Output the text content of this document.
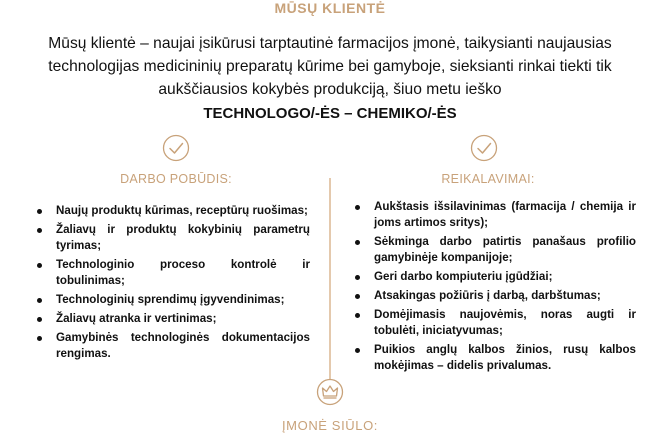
MŪSŲ KLIENTĖ
Mūsų klientė – naujai įsikūrusi tarptautinė farmacijos įmonė, taikysianti naujausias technologijas medicininių preparatų kūrime bei gamyboje, sieksianti rinkai tiekti tik aukščiausios kokybės produkciją, šiuo metu ieško
TECHNOLOGO/-ĖS – CHEMIKO/-ĖS
DARBO POBŪDIS:	REIKALAVIMAI:
Naujų produktų kūrimas, receptūrų ruošimas;
Žaliavų ir produktų kokybinių parametrų tyrimas;
Technologinio proceso kontrolė ir tobulinimas;
Technologinių sprendimų įgyvendinimas;
Žaliavų atranka ir vertinimas;
Gamybinės technologinės dokumentacijos rengimas.
Aukštasis išsilavinimas (farmacija / chemija ir joms artimos sritys);
Sėkminga darbo patirtis panašaus profilio gamybinėje kompanijoje;
Geri darbo kompiuteriu įgūdžiai;
Atsakingas požiūris į darbą, darbštumas;
Domėjimasis naujovėmis, noras augti ir tobulėti, iniciatyvumas;
Puikios anglų kalbos žinios, rusų kalbos mokėjimas – didelis privalumas.
ĮMONĖ SIŪLO:
